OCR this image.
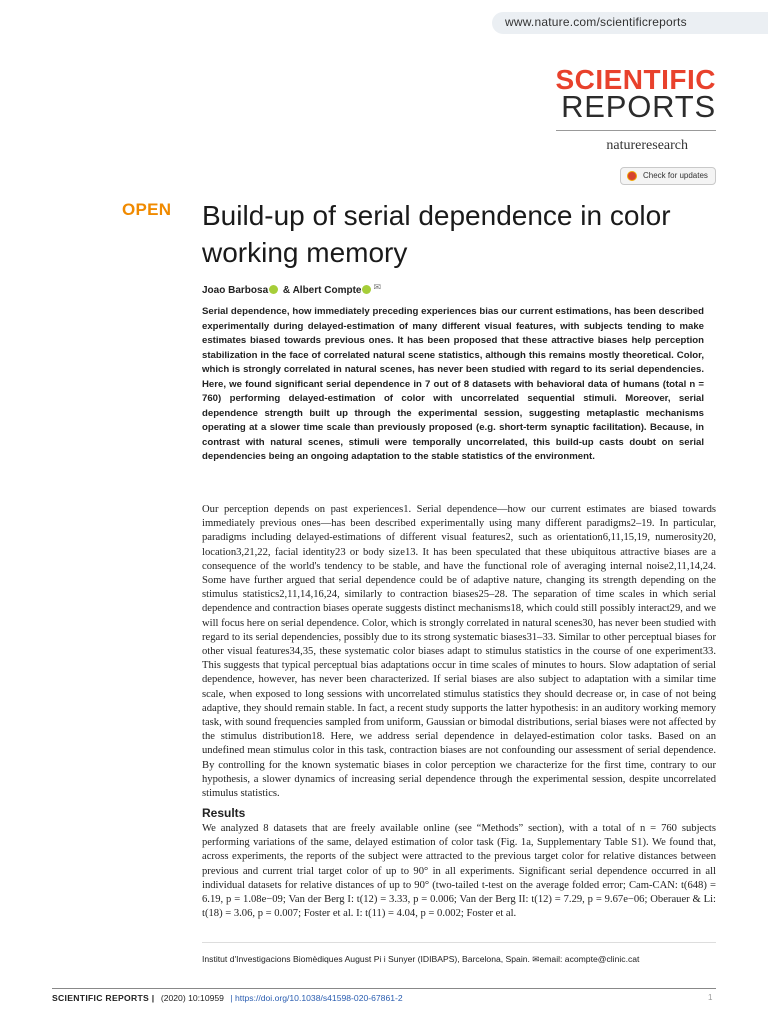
www.nature.com/scientificreports
SCIENTIFIC
REPORTS
natureresearch
Check for updates
OPEN Build-up of serial dependence in color working memory
Joao Barbosa & Albert Compte ✉

Serial dependence, how immediately preceding experiences bias our current estimations, has been described experimentally during delayed-estimation of many different visual features, with subjects tending to make estimates biased towards previous ones. It has been proposed that these attractive biases help perception stabilization in the face of correlated natural scene statistics, although this remains mostly theoretical. Color, which is strongly correlated in natural scenes, has never been studied with regard to its serial dependencies. Here, we found significant serial dependence in 7 out of 8 datasets with behavioral data of humans (total n = 760) performing delayed-estimation of color with uncorrelated sequential stimuli. Moreover, serial dependence strength built up through the experimental session, suggesting metaplastic mechanisms operating at a slower time scale than previously proposed (e.g. short-term synaptic facilitation). Because, in contrast with natural scenes, stimuli were temporally uncorrelated, this build-up casts doubt on serial dependencies being an ongoing adaptation to the stable statistics of the environment.

Our perception depends on past experiences1. Serial dependence—how our current estimates are biased towards immediately previous ones—has been described experimentally using many different paradigms2–19. In particular, paradigms including delayed-estimations of different visual features2, such as orientation6,11,15,19, numerosity20, location3,21,22, facial identity23 or body size13. It has been speculated that these ubiquitous attractive biases are a consequence of the world's tendency to be stable, and have the functional role of averaging internal noise2,11,14,24. Some have further argued that serial dependence could be of adaptive nature, changing its strength depending on the stimulus statistics2,11,14,16,24, similarly to contraction biases25–28. The separation of time scales in which serial dependence and contraction biases operate suggests distinct mechanisms18, which could still possibly interact29, and we will focus here on serial dependence. Color, which is strongly correlated in natural scenes30, has never been studied with regard to its serial dependencies, possibly due to its strong systematic biases31–33. Similar to other perceptual biases for other visual features34,35, these systematic color biases adapt to stimulus statistics in the course of one experiment33. This suggests that typical perceptual bias adaptations occur in time scales of minutes to hours. Slow adaptation of serial dependence, however, has never been characterized. If serial biases are also subject to adaptation with a similar time scale, when exposed to long sessions with uncorrelated stimulus statistics they should decrease or, in case of not being adaptive, they should remain stable. In fact, a recent study supports the latter hypothesis: in an auditory working memory task, with sound frequencies sampled from uniform, Gaussian or bimodal distributions, serial biases were not affected by the stimulus distribution18. Here, we address serial dependence in delayed-estimation color tasks. Based on an undefined mean stimulus color in this task, contraction biases are not confounding our assessment of serial dependence. By controlling for the known systematic biases in color perception we characterize for the first time, contrary to our hypothesis, a slower dynamics of increasing serial dependence through the experimental session, despite uncorrelated stimulus statistics.

Results

We analyzed 8 datasets that are freely available online (see “Methods” section), with a total of n = 760 subjects performing variations of the same, delayed estimation of color task (Fig. 1a, Supplementary Table S1). We found that, across experiments, the reports of the subject were attracted to the previous target color for relative distances between previous and current trial target color of up to 90° in all experiments. Significant serial dependence occurred in all individual datasets for relative distances of up to 90° (two-tailed t-test on the average folded error; Cam-CAN: t(648) = 6.19, p = 1.08e−09; Van der Berg I: t(12) = 3.33, p = 0.006; Van der Berg II: t(12) = 7.29, p = 9.67e−06; Oberauer & Li: t(18) = 3.06, p = 0.007; Foster et al. I: t(11) = 4.04, p = 0.002; Foster et al.

Institut d'Investigacions Biomèdiques August Pi i Sunyer (IDIBAPS), Barcelona, Spain. ✉email: acompte@clinic.cat
SCIENTIFIC REPORTS | (2020) 10:10959 | https://doi.org/10.1038/s41598-020-67861-2	1
